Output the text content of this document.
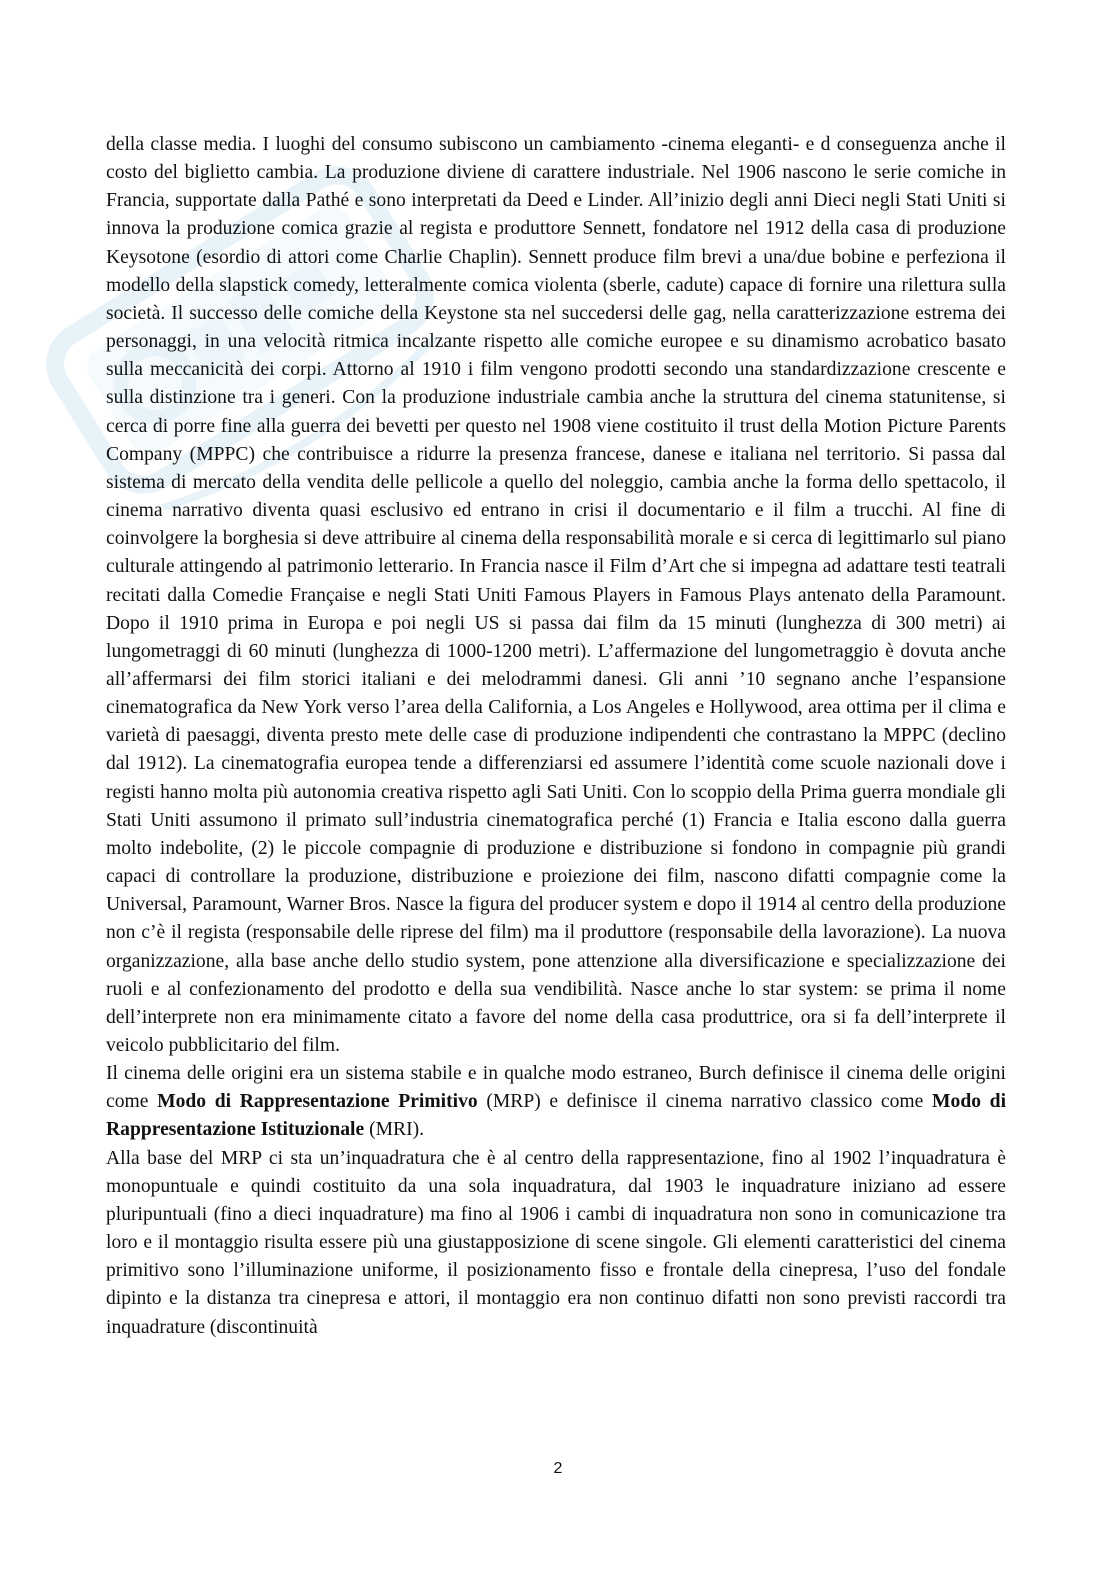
della classe media. I luoghi del consumo subiscono un cambiamento -cinema eleganti- e d conseguenza anche il costo del biglietto cambia. La produzione diviene di carattere industriale. Nel 1906 nascono le serie comiche in Francia, supportate dalla Pathé e sono interpretati da Deed e Linder. All’inizio degli anni Dieci negli Stati Uniti si innova la produzione comica grazie al regista e produttore Sennett, fondatore nel 1912 della casa di produzione Keysotone (esordio di attori come Charlie Chaplin). Sennett produce film brevi a una/due bobine e perfeziona il modello della slapstick comedy, letteralmente comica violenta (sberle, cadute) capace di fornire una rilettura sulla società. Il successo delle comiche della Keystone sta nel succedersi delle gag, nella caratterizzazione estrema dei personaggi, in una velocità ritmica incalzante rispetto alle comiche europee e su dinamismo acrobatico basato sulla meccanicità dei corpi. Attorno al 1910 i film vengono prodotti secondo una standardizzazione crescente e sulla distinzione tra i generi. Con la produzione industriale cambia anche la struttura del cinema statunitense, si cerca di porre fine alla guerra dei bevetti per questo nel 1908 viene costituito il trust della Motion Picture Parents Company (MPPC) che contribuisce a ridurre la presenza francese, danese e italiana nel territorio. Si passa dal sistema di mercato della vendita delle pellicole a quello del noleggio, cambia anche la forma dello spettacolo, il cinema narrativo diventa quasi esclusivo ed entrano in crisi il documentario e il film a trucchi. Al fine di coinvolgere la borghesia si deve attribuire al cinema della responsabilità morale e si cerca di legittimarlo sul piano culturale attingendo al patrimonio letterario. In Francia nasce il Film d’Art che si impegna ad adattare testi teatrali recitati dalla Comedie Française e negli Stati Uniti Famous Players in Famous Plays antenato della Paramount. Dopo il 1910 prima in Europa e poi negli US si passa dai film da 15 minuti (lunghezza di 300 metri) ai lungometraggi di 60 minuti (lunghezza di 1000-1200 metri). L’affermazione del lungometraggio è dovuta anche all’affermarsi dei film storici italiani e dei melodrammi danesi. Gli anni ’10 segnano anche l’espansione cinematografica da New York verso l’area della California, a Los Angeles e Hollywood, area ottima per il clima e varietà di paesaggi, diventa presto mete delle case di produzione indipendenti che contrastano la MPPC (declino dal 1912). La cinematografia europea tende a differenziarsi ed assumere l’identità come scuole nazionali dove i registi hanno molta più autonomia creativa rispetto agli Sati Uniti. Con lo scoppio della Prima guerra mondiale gli Stati Uniti assumono il primato sull’industria cinematografica perché (1) Francia e Italia escono dalla guerra molto indebolite, (2) le piccole compagnie di produzione e distribuzione si fondono in compagnie più grandi capaci di controllare la produzione, distribuzione e proiezione dei film, nascono difatti compagnie come la Universal, Paramount, Warner Bros. Nasce la figura del producer system e dopo il 1914 al centro della produzione non c’è il regista (responsabile delle riprese del film) ma il produttore (responsabile della lavorazione). La nuova organizzazione, alla base anche dello studio system, pone attenzione alla diversificazione e specializzazione dei ruoli e al confezionamento del prodotto e della sua vendibilità. Nasce anche lo star system: se prima il nome dell’interprete non era minimamente citato a favore del nome della casa produttrice, ora si fa dell’interprete il veicolo pubblicitario del film.

Il cinema delle origini era un sistema stabile e in qualche modo estraneo, Burch definisce il cinema delle origini come Modo di Rappresentazione Primitivo (MRP) e definisce il cinema narrativo classico come Modo di Rappresentazione Istituzionale (MRI).

Alla base del MRP ci sta un’inquadratura che è al centro della rappresentazione, fino al 1902 l’inquadratura è monopuntuale e quindi costituito da una sola inquadratura, dal 1903 le inquadrature iniziano ad essere pluripuntuali (fino a dieci inquadrature) ma fino al 1906 i cambi di inquadratura non sono in comunicazione tra loro e il montaggio risulta essere più una giustapposizione di scene singole. Gli elementi caratteristici del cinema primitivo sono l’illuminazione uniforme, il posizionamento fisso e frontale della cinepresa, l’uso del fondale dipinto e la distanza tra cinepresa e attori, il montaggio era non continuo difatti non sono previsti raccordi tra inquadrature (discontinuità

2
